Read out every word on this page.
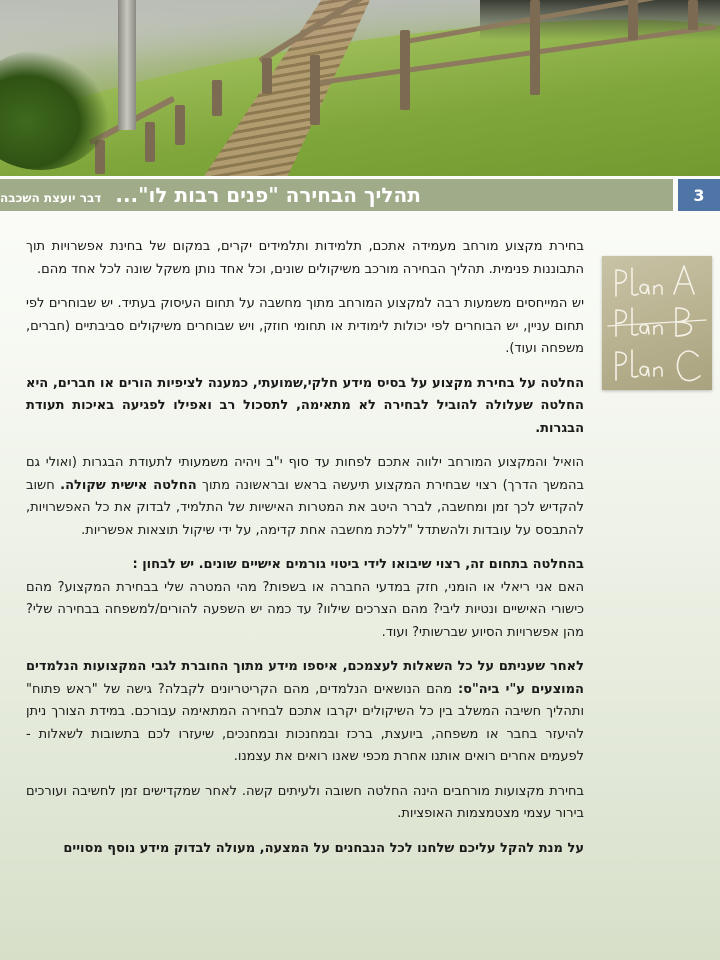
תהליך הבחירה "פנים רבות לו"...
דבר יועצת השכבה	3

בחירת מקצוע מורחב מעמידה אתכם, תלמידות ותלמידים יקרים, במקום של בחינת אפשרויות תוך התבוננות פנימית. תהליך הבחירה מורכב משיקולים שונים, וכל אחד נותן משקל שונה לכל אחד מהם.

יש המייחסים משמעות רבה למקצוע המורחב מתוך מחשבה על תחום העיסוק בעתיד. יש שבוחרים לפי תחום עניין, יש הבוחרים לפי יכולות לימודית או תחומי חוזק, ויש שבוחרים משיקולים סביבתיים (חברים, משפחה ועוד).

החלטה על בחירת מקצוע על בסיס מידע חלקי,שמועתי, כמענה לציפיות הורים או חברים, היא החלטה שעלולה להוביל לבחירה לא מתאימה, לתסכול רב ואפילו לפגיעה באיכות תעודת הבגרות.

הואיל והמקצוע המורחב ילווה אתכם לפחות עד סוף י"ב ויהיה משמעותי לתעודת הבגרות (ואולי גם בהמשך הדרך) רצוי שבחירת המקצוע תיעשה בראש ובראשונה מתוך החלטה אישית שקולה. חשוב להקדיש לכך זמן ומחשבה, לברר היטב את המטרות האישיות של התלמיד, לבדוק את כל האפשרויות, להתבסס על עובדות ולהשתדל "ללכת מחשבה אחת קדימה, על ידי שיקול תוצאות אפשריות.

בהחלטה בתחום זה, רצוי שיבואו לידי ביטוי גורמים אישיים שונים. יש לבחון :
האם אני ריאלי או הומני, חזק במדעי החברה או בשפות? מהי המטרה שלי בבחירת המקצוע? מהם כישורי האישיים ונטיות ליבי? מהם הצרכים שילוו? עד כמה יש השפעה להורים/למשפחה בבחירה שלי? מהן אפשרויות הסיוע שברשותי? ועוד.

לאחר שעניתם על כל השאלות לעצמכם, איספו מידע מתוך החוברת לגבי המקצועות הנלמדים המוצעים ע"י ביה"ס: מהם הנושאים הנלמדים, מהם הקריטריונים לקבלה? גישה של "ראש פתוח" ותהליך חשיבה המשלב בין כל השיקולים יקרבו אתכם לבחירה המתאימה עבורכם. במידת הצורך ניתן להיעזר בחבר או משפחה, ביועצת, ברכז ובמחנכות ובמחנכים, שיעזרו לכם בתשובות לשאלות - לפעמים אחרים רואים אותנו אחרת מכפי שאנו רואים את עצמנו.

בחירת מקצועות מורחבים הינה החלטה חשובה ולעיתים קשה. לאחר שמקדישים זמן לחשיבה ועורכים בירור עצמי מצטמצמות האופציות.

על מנת להקל עליכם שלחנו לכל הנבחנים על המצעה, מעולה לבדוק מידע נוסף מסויים
